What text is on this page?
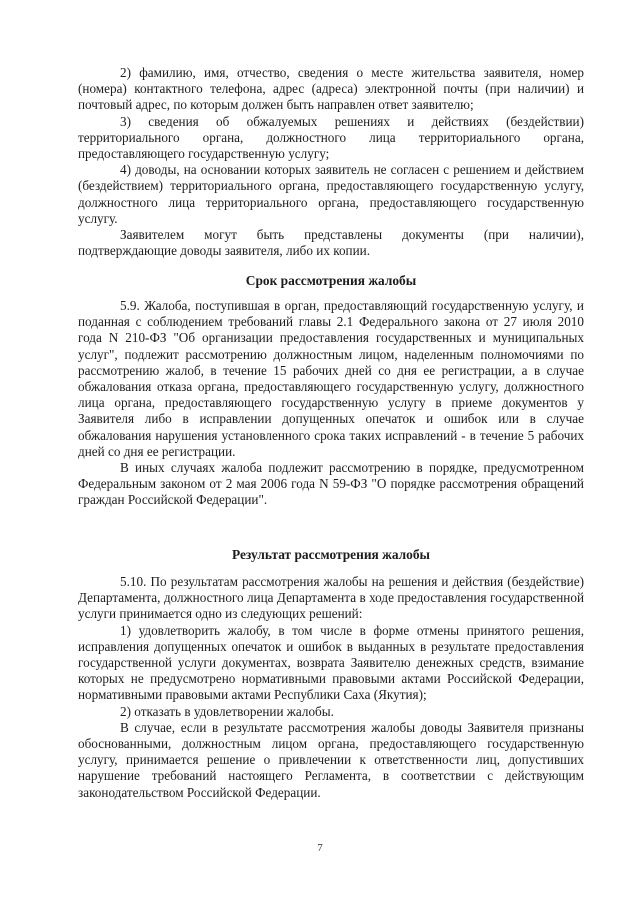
2) фамилию, имя, отчество, сведения о месте жительства заявителя, номер (номера) контактного телефона, адрес (адреса) электронной почты (при наличии) и почтовый адрес, по которым должен быть направлен ответ заявителю;

3) сведения об обжалуемых решениях и действиях (бездействии) территориального органа, должностного лица территориального органа, предоставляющего государственную услугу;

4) доводы, на основании которых заявитель не согласен с решением и действием (бездействием) территориального органа, предоставляющего государственную услугу, должностного лица территориального органа, предоставляющего государственную услугу.

Заявителем могут быть представлены документы (при наличии), подтверждающие доводы заявителя, либо их копии.

Срок рассмотрения жалобы

5.9. Жалоба, поступившая в орган, предоставляющий государственную услугу, и поданная с соблюдением требований главы 2.1 Федерального закона от 27 июля 2010 года N 210-ФЗ "Об организации предоставления государственных и муниципальных услуг", подлежит рассмотрению должностным лицом, наделенным полномочиями по рассмотрению жалоб, в течение 15 рабочих дней со дня ее регистрации, а в случае обжалования отказа органа, предоставляющего государственную услугу, должностного лица органа, предоставляющего государственную услугу в приеме документов у Заявителя либо в исправлении допущенных опечаток и ошибок или в случае обжалования нарушения установленного срока таких исправлений - в течение 5 рабочих дней со дня ее регистрации.

В иных случаях жалоба подлежит рассмотрению в порядке, предусмотренном Федеральным законом от 2 мая 2006 года N 59-ФЗ "О порядке рассмотрения обращений граждан Российской Федерации".

Результат рассмотрения жалобы

5.10. По результатам рассмотрения жалобы на решения и действия (бездействие) Департамента, должностного лица Департамента в ходе предоставления государственной услуги принимается одно из следующих решений:

1) удовлетворить жалобу, в том числе в форме отмены принятого решения, исправления допущенных опечаток и ошибок в выданных в результате предоставления государственной услуги документах, возврата Заявителю денежных средств, взимание которых не предусмотрено нормативными правовыми актами Российской Федерации, нормативными правовыми актами Республики Саха (Якутия);

2) отказать в удовлетворении жалобы.

В случае, если в результате рассмотрения жалобы доводы Заявителя признаны обоснованными, должностным лицом органа, предоставляющего государственную услугу, принимается решение о привлечении к ответственности лиц, допустивших нарушение требований настоящего Регламента, в соответствии с действующим законодательством Российской Федерации.

7
